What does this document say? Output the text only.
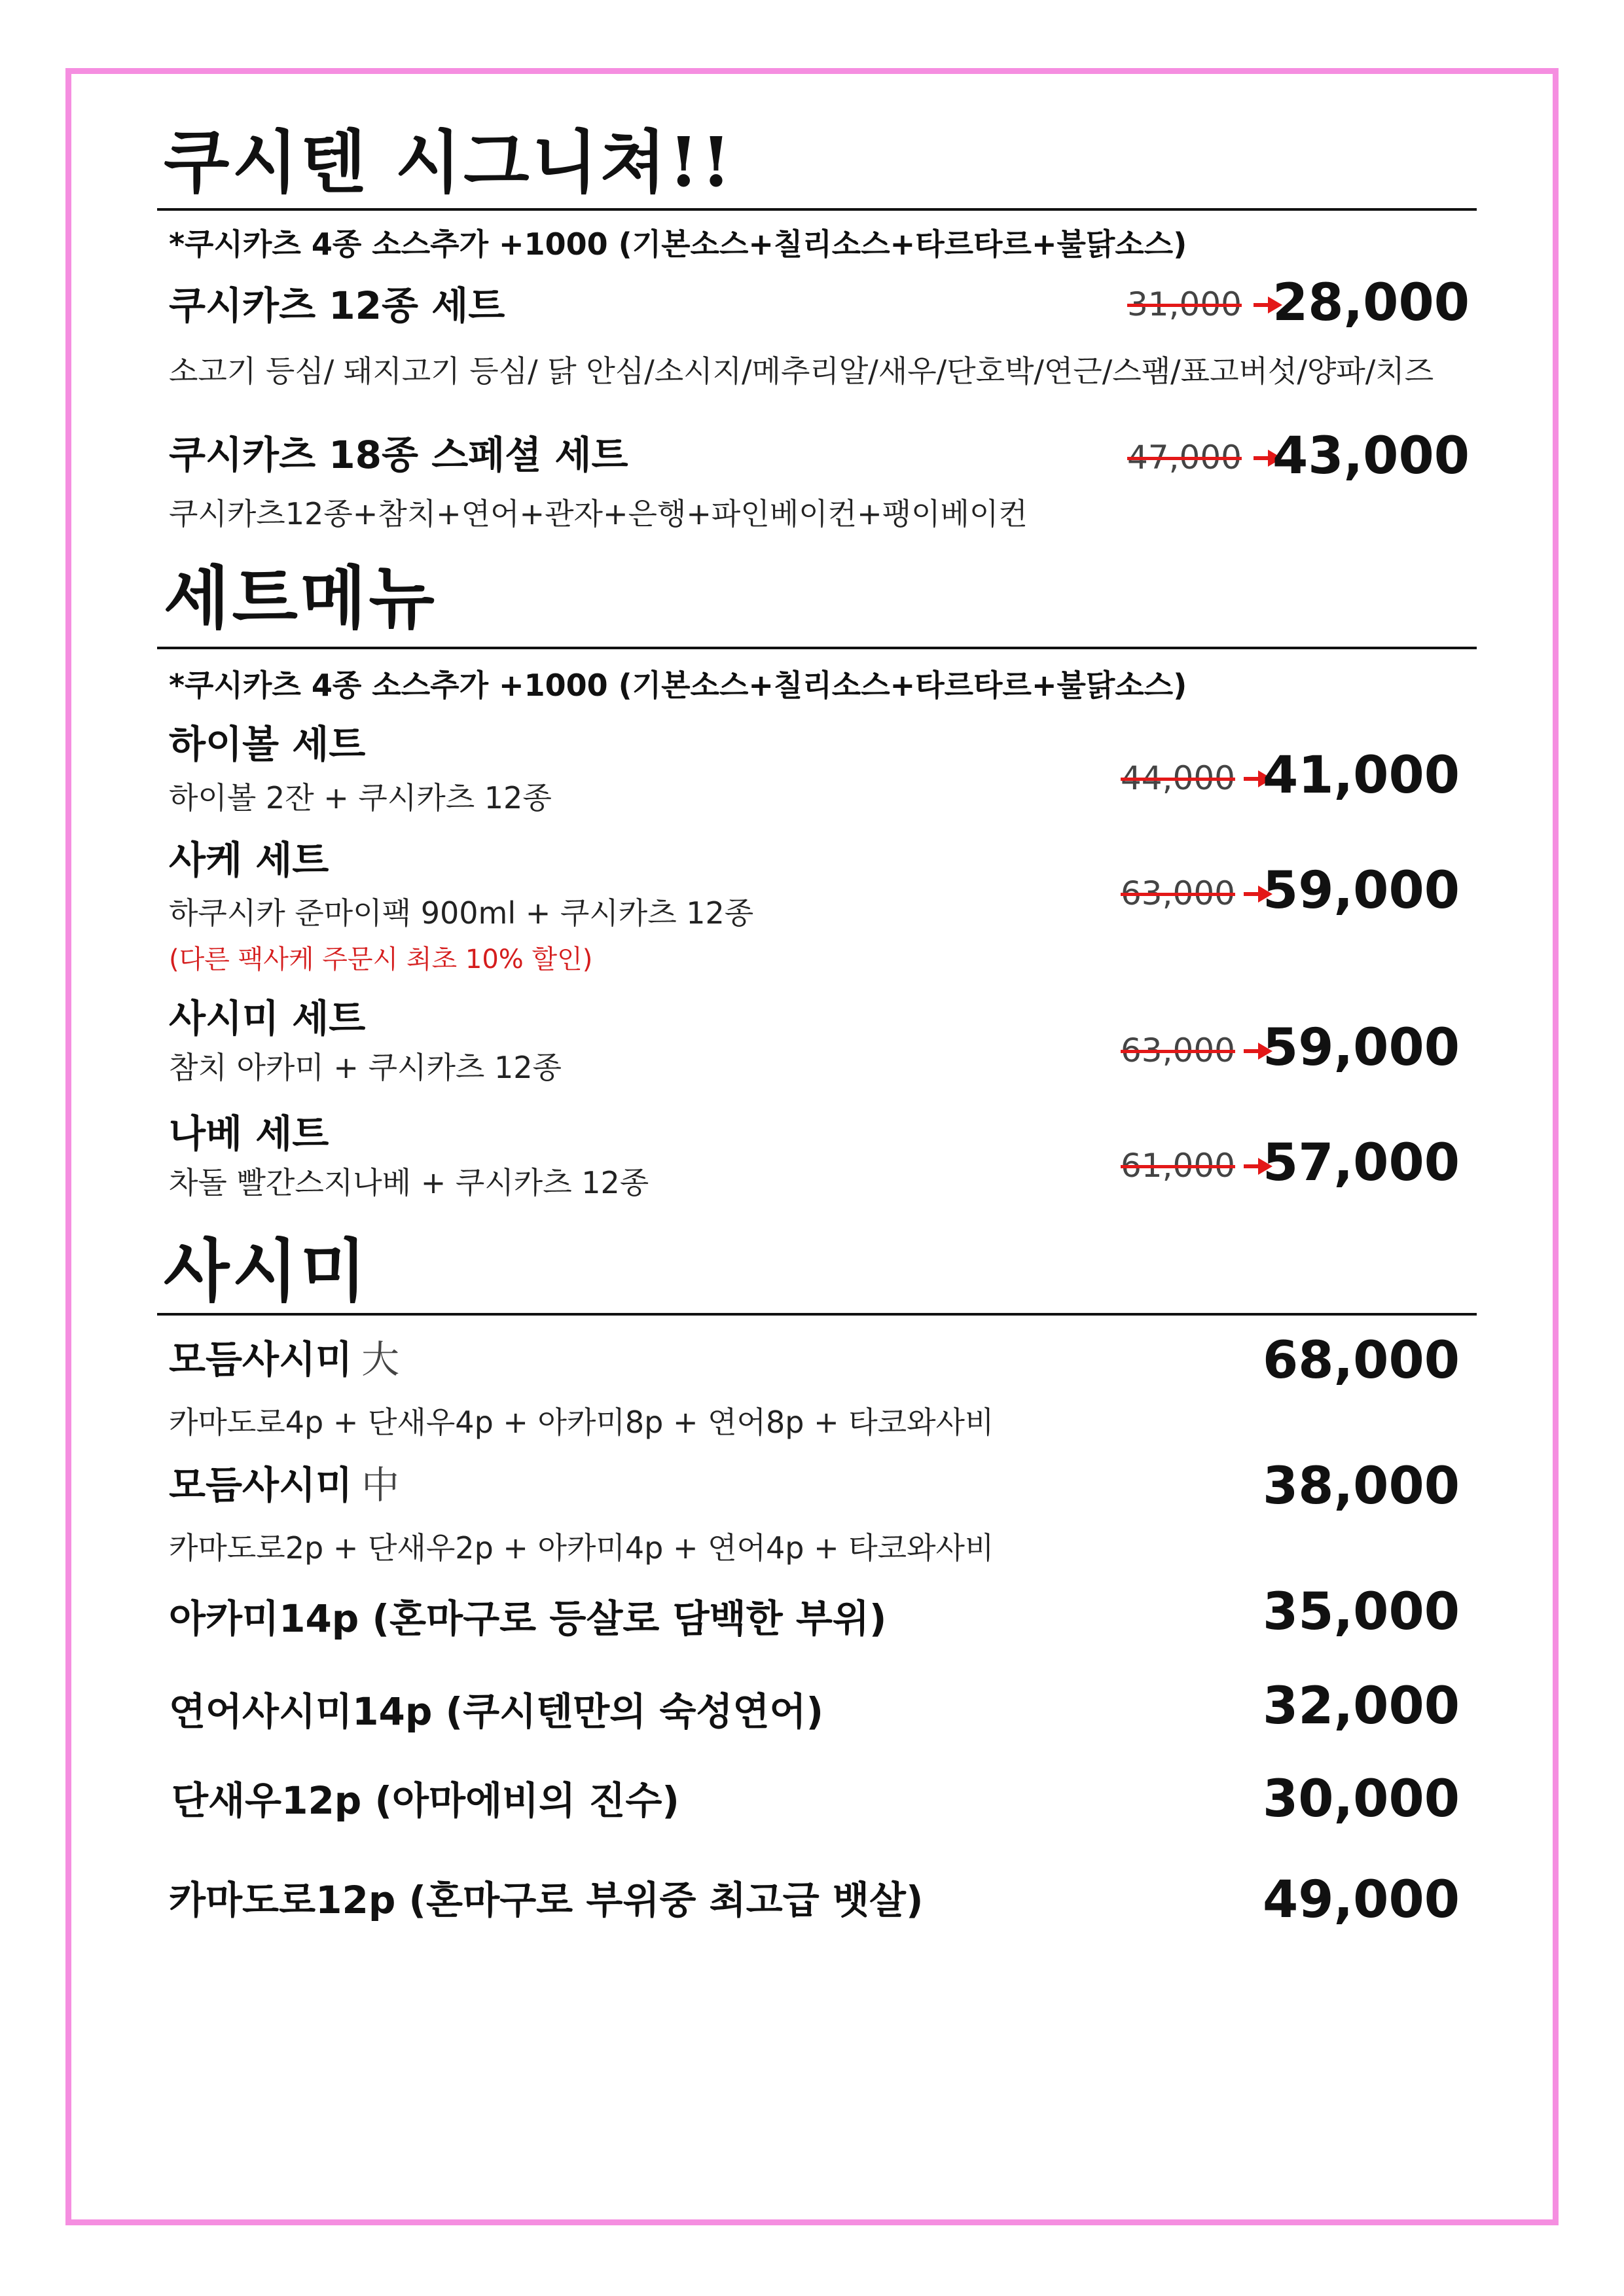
쿠시텐 시그니쳐!!
*쿠시카츠 4종 소스추가 +1000 (기본소스+칠리소스+타르타르+불닭소스)
쿠시카츠 12종 세트	31,000 28,000
소고기 등심/ 돼지고기 등심/ 닭 안심/소시지/메추리알/새우/단호박/연근/스팸/표고버섯/양파/치즈
쿠시카츠 18종 스페셜 세트	47,000 43,000
쿠시카츠12종+참치+연어+관자+은행+파인베이컨+팽이베이컨
세트메뉴
*쿠시카츠 4종 소스추가 +1000 (기본소스+칠리소스+타르타르+불닭소스)
하이볼 세트
하이볼 2잔 + 쿠시카츠 12종
44,000 41,000
사케 세트
하쿠시카 준마이팩 900ml + 쿠시카츠 12종
(다른 팩사케 주문시 최초 10% 할인)
63,000 59,000
사시미 세트
참치 아카미 + 쿠시카츠 12종	63,000 59,000
나베 세트
차돌 빨간스지나베 + 쿠시카츠 12종	61,000 57,000
사시미
모듬사시미 大	68,000
카마도로4p + 단새우4p + 아카미8p + 연어8p + 타코와사비
모듬사시미 中	38,000
카마도로2p + 단새우2p + 아카미4p + 연어4p + 타코와사비
아카미14p (혼마구로 등살로 담백한 부위)	35,000
연어사시미14p (쿠시텐만의 숙성연어)	32,000
단새우12p (아마에비의 진수)	30,000
카마도로12p (혼마구로 부위중 최고급 뱃살)	49,000
